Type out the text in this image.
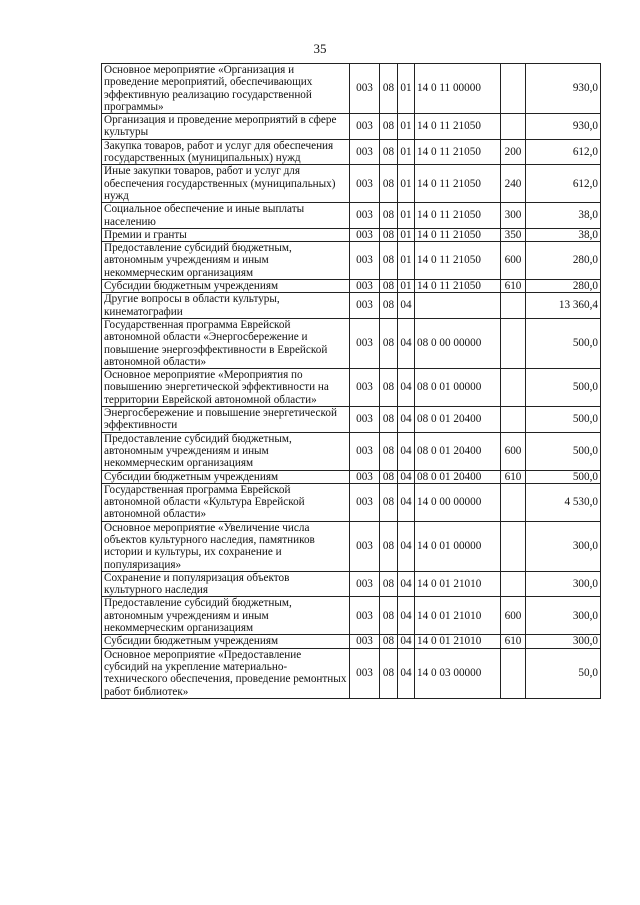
35
Основное мероприятие «Организация и проведение мероприятий, обеспечивающих эффективную реализацию государственной программы»	003	08	01	14 0 11 00000		930,0
Организация и проведение мероприятий в сфере культуры	003	08	01	14 0 11 21050		930,0
Закупка товаров, работ и услуг для обеспечения государственных (муниципальных) нужд	003	08	01	14 0 11 21050	200	612,0
Иные закупки товаров, работ и услуг для обеспечения государственных (муниципальных) нужд	003	08	01	14 0 11 21050	240	612,0
Социальное обеспечение и иные выплаты населению	003	08	01	14 0 11 21050	300	38,0
Премии и гранты	003	08	01	14 0 11 21050	350	38,0
Предоставление субсидий бюджетным, автономным учреждениям и иным некоммерческим организациям	003	08	01	14 0 11 21050	600	280,0
Субсидии бюджетным учреждениям	003	08	01	14 0 11 21050	610	280,0
Другие вопросы в области культуры, кинематографии	003	08	04			13 360,4
Государственная программа Еврейской автономной области «Энергосбережение и повышение энергоэффективности в Еврейской автономной области»	003	08	04	08 0 00 00000		500,0
Основное мероприятие «Мероприятия по повышению энергетической эффективности на территории Еврейской автономной области»	003	08	04	08 0 01 00000		500,0
Энергосбережение и повышение энергетической эффективности	003	08	04	08 0 01 20400		500,0
Предоставление субсидий бюджетным, автономным учреждениям и иным некоммерческим организациям	003	08	04	08 0 01 20400	600	500,0
Субсидии бюджетным учреждениям	003	08	04	08 0 01 20400	610	500,0
Государственная программа Еврейской автономной области «Культура Еврейской автономной области»	003	08	04	14 0 00 00000		4 530,0
Основное мероприятие «Увеличение числа объектов культурного наследия, памятников истории и культуры, их сохранение и популяризация»	003	08	04	14 0 01 00000		300,0
Сохранение и популяризация объектов культурного наследия	003	08	04	14 0 01 21010		300,0
Предоставление субсидий бюджетным, автономным учреждениям и иным некоммерческим организациям	003	08	04	14 0 01 21010	600	300,0
Субсидии бюджетным учреждениям	003	08	04	14 0 01 21010	610	300,0
Основное мероприятие «Предоставление субсидий на укрепление материально-технического обеспечения, проведение ремонтных работ библиотек»	003	08	04	14 0 03 00000		50,0
